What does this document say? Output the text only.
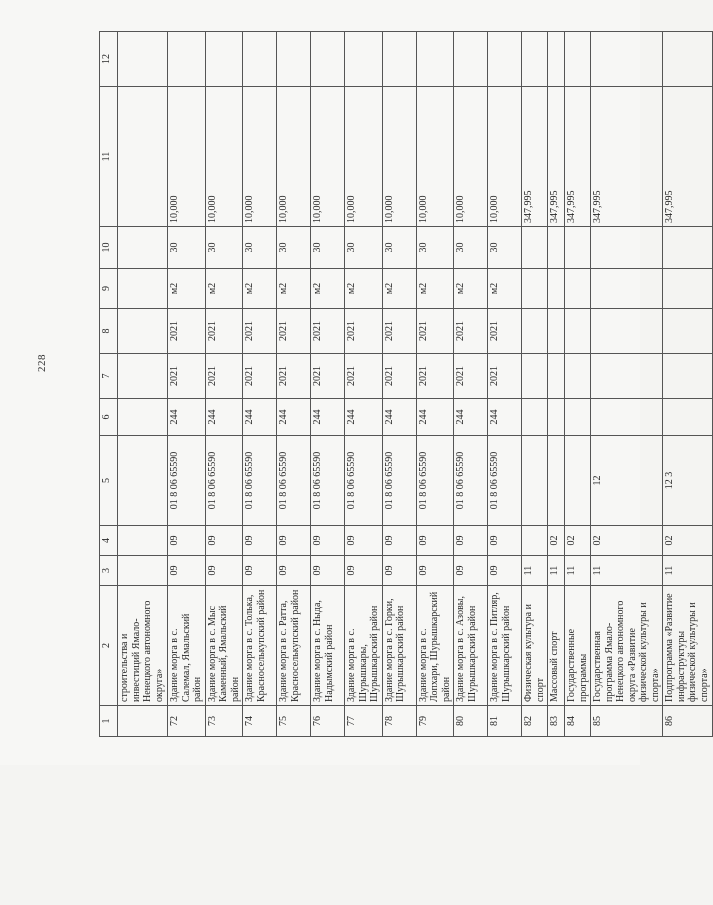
228
1	2	3	4	5	6	7	8	9	10	11	12
	строительства и инвестиций Ямало-Ненецкого автономного округа»										
72	Здание морга в с. Салемал, Ямальский район	09	09	01 8 06 65590	244	2021	2021	м2	30	10,000	
73	Здание морга в с. Мыс Каменный, Ямальский район	09	09	01 8 06 65590	244	2021	2021	м2	30	10,000	
74	Здание морга в с. Толька, Красноселькупский район	09	09	01 8 06 65590	244	2021	2021	м2	30	10,000	
75	Здание морга в с. Ратта, Красноселькупский район	09	09	01 8 06 65590	244	2021	2021	м2	30	10,000	
76	Здание морга в с. Ныда, Надымский район	09	09	01 8 06 65590	244	2021	2021	м2	30	10,000	
77	Здание морга в с. Шурышкары, Шурышкарский район	09	09	01 8 06 65590	244	2021	2021	м2	30	10,000	
78	Здание морга в с. Горки, Шурышкарский район	09	09	01 8 06 65590	244	2021	2021	м2	30	10,000	
79	Здание морга в с. Лопхари, Шурышкарский район	09	09	01 8 06 65590	244	2021	2021	м2	30	10,000	
80	Здание морга в с. Азовы, Шурышкарский район	09	09	01 8 06 65590	244	2021	2021	м2	30	10,000	
81	Здание морга в с. Питляр, Шурышкарский район	09	09	01 8 06 65590	244	2021	2021	м2	30	10,000	
82	Физическая культура и спорт	11								347,995	
83	Массовый спорт	11	02							347,995	
84	Государственные программы	11	02							347,995	
85	Государственная программа Ямало-Ненецкого автономного округа «Развитие физической культуры и спорта»	11	02	12						347,995	
86	Подпрограмма «Развитие инфраструктуры физической культуры и спорта»	11	02	12 3						347,995	
